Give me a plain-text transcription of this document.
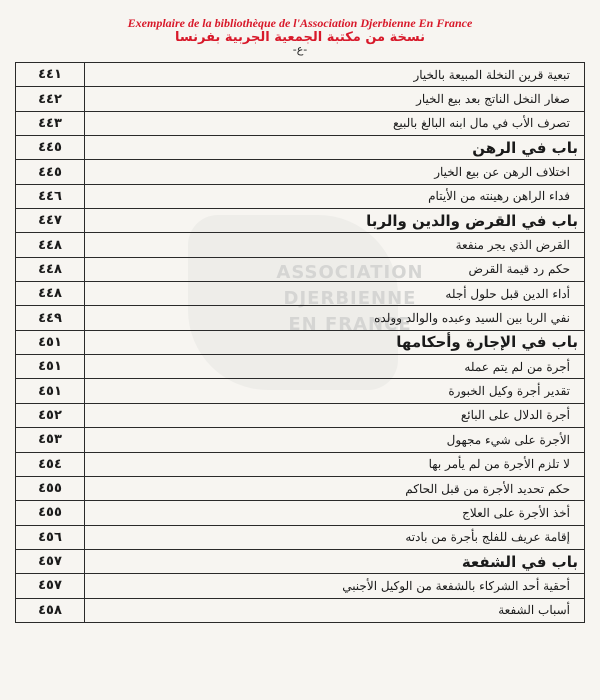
ASSOCIATION
DJERBIENNE
EN FRANCE
Exemplaire de la bibliothèque de l'Association Djerbienne En France
نسخة من مكتبة الجمعية الجربية بفرنسا
-ع-
٤٤١	تبعية قرين النخلة المبيعة بالخيار
٤٤٢	صغار النخل الناتج بعد بيع الخيار
٤٤٣	تصرف الأب في مال ابنه البالغ بالبيع
٤٤٥	باب في الرهن
٤٤٥	اختلاف الرهن عن بيع الخيار
٤٤٦	فداء الراهن رهينته من الأيتام
٤٤٧	باب في القرض والدين والربا
٤٤٨	القرض الذي يجر منفعة
٤٤٨	حكم رد قيمة القرض
٤٤٨	أداء الدين قبل حلول أجله
٤٤٩	نفي الربا بين السيد وعبده والوالد وولده
٤٥١	باب في الإجارة وأحكامها
٤٥١	أجرة من لم يتم عمله
٤٥١	تقدير أجرة وكيل الخبورة
٤٥٢	أجرة الدلال على البائع
٤٥٣	الأجرة على شيء مجهول
٤٥٤	لا تلزم الأجرة من لم يأمر بها
٤٥٥	حكم تحديد الأجرة من قبل الحاكم
٤٥٥	أخذ الأجرة على العلاج
٤٥٦	إقامة عريف للفلج بأجرة من بادته
٤٥٧	باب في الشفعة
٤٥٧	أحقية أحد الشركاء بالشفعة من الوكيل الأجنبي
٤٥٨	أسباب الشفعة
